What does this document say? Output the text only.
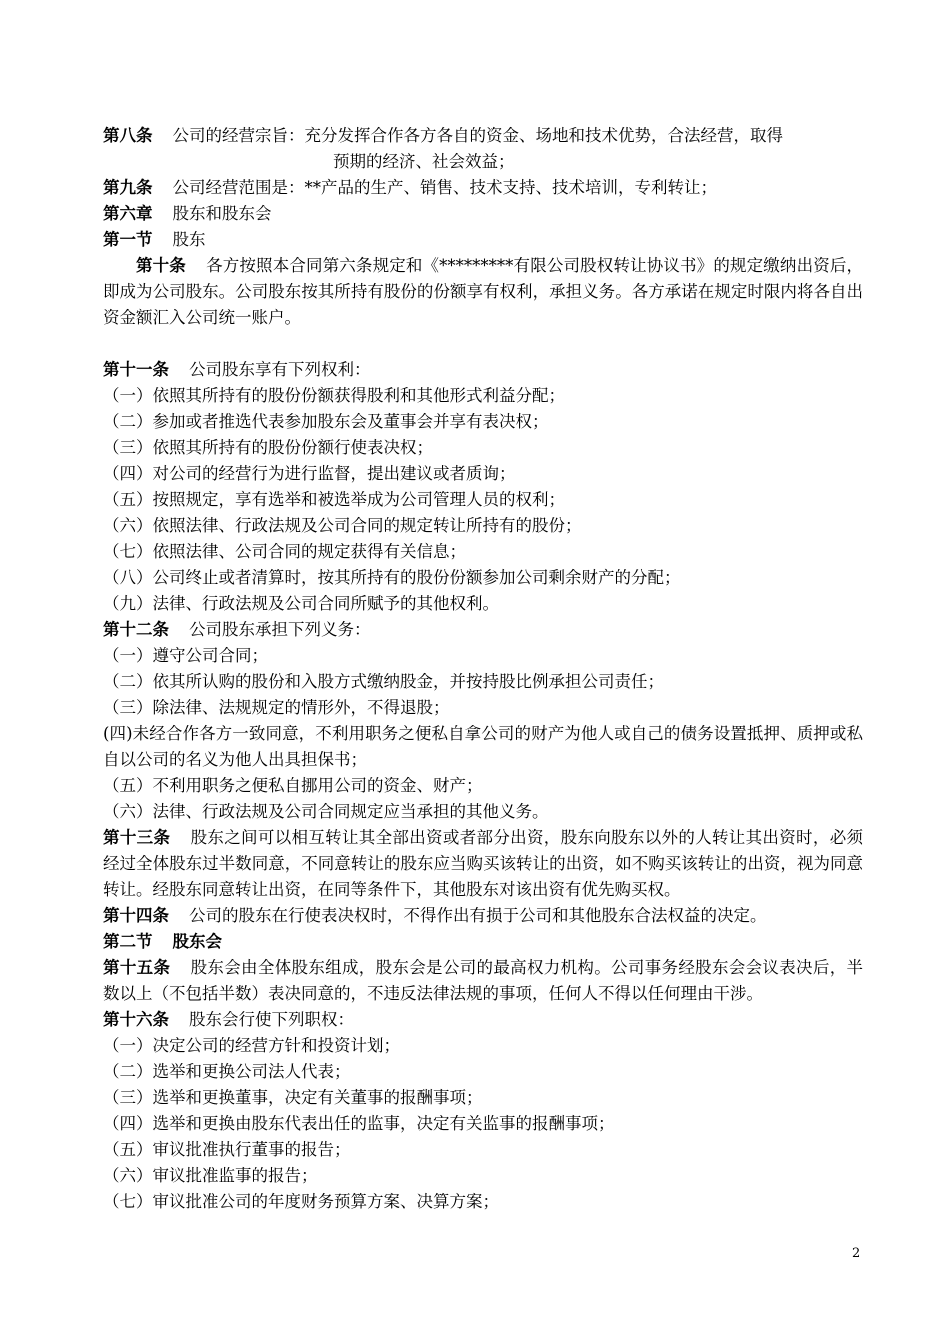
第八条 公司的经营宗旨：充分发挥合作各方各自的资金、场地和技术优势，合法经营，取得
预期的经济、社会效益；
第九条 公司经营范围是：**产品的生产、销售、技术支持、技术培训，专利转让；
第六章 股东和股东会
第一节 股东
第十条 各方按照本合同第六条规定和《*********有限公司股权转让协议书》的规定缴纳出资后，即成为公司股东。公司股东按其所持有股份的份额享有权利，承担义务。各方承诺在规定时限内将各自出资金额汇入公司统一账户。
第十一条 公司股东享有下列权利：
（一）依照其所持有的股份份额获得股利和其他形式利益分配；
（二）参加或者推选代表参加股东会及董事会并享有表决权；
（三）依照其所持有的股份份额行使表决权；
（四）对公司的经营行为进行监督，提出建议或者质询；
（五）按照规定，享有选举和被选举成为公司管理人员的权利；
（六）依照法律、行政法规及公司合同的规定转让所持有的股份；
（七）依照法律、公司合同的规定获得有关信息；
（八）公司终止或者清算时，按其所持有的股份份额参加公司剩余财产的分配；
（九）法律、行政法规及公司合同所赋予的其他权利。
第十二条 公司股东承担下列义务：
（一）遵守公司合同；
（二）依其所认购的股份和入股方式缴纳股金，并按持股比例承担公司责任；
（三）除法律、法规规定的情形外，不得退股；
(四)未经合作各方一致同意，不利用职务之便私自拿公司的财产为他人或自己的债务设置抵押、质押或私自以公司的名义为他人出具担保书；
（五）不利用职务之便私自挪用公司的资金、财产；
（六）法律、行政法规及公司合同规定应当承担的其他义务。
第十三条 股东之间可以相互转让其全部出资或者部分出资，股东向股东以外的人转让其出资时，必须经过全体股东过半数同意，不同意转让的股东应当购买该转让的出资，如不购买该转让的出资，视为同意转让。经股东同意转让出资，在同等条件下，其他股东对该出资有优先购买权。
第十四条 公司的股东在行使表决权时，不得作出有损于公司和其他股东合法权益的决定。
第二节 股东会
第十五条 股东会由全体股东组成，股东会是公司的最高权力机构。公司事务经股东会会议表决后，半数以上（不包括半数）表决同意的，不违反法律法规的事项，任何人不得以任何理由干涉。
第十六条 股东会行使下列职权：
（一）决定公司的经营方针和投资计划；
（二）选举和更换公司法人代表；
（三）选举和更换董事，决定有关董事的报酬事项；
（四）选举和更换由股东代表出任的监事，决定有关监事的报酬事项；
（五）审议批准执行董事的报告；
（六）审议批准监事的报告；
（七）审议批准公司的年度财务预算方案、决算方案；
2
